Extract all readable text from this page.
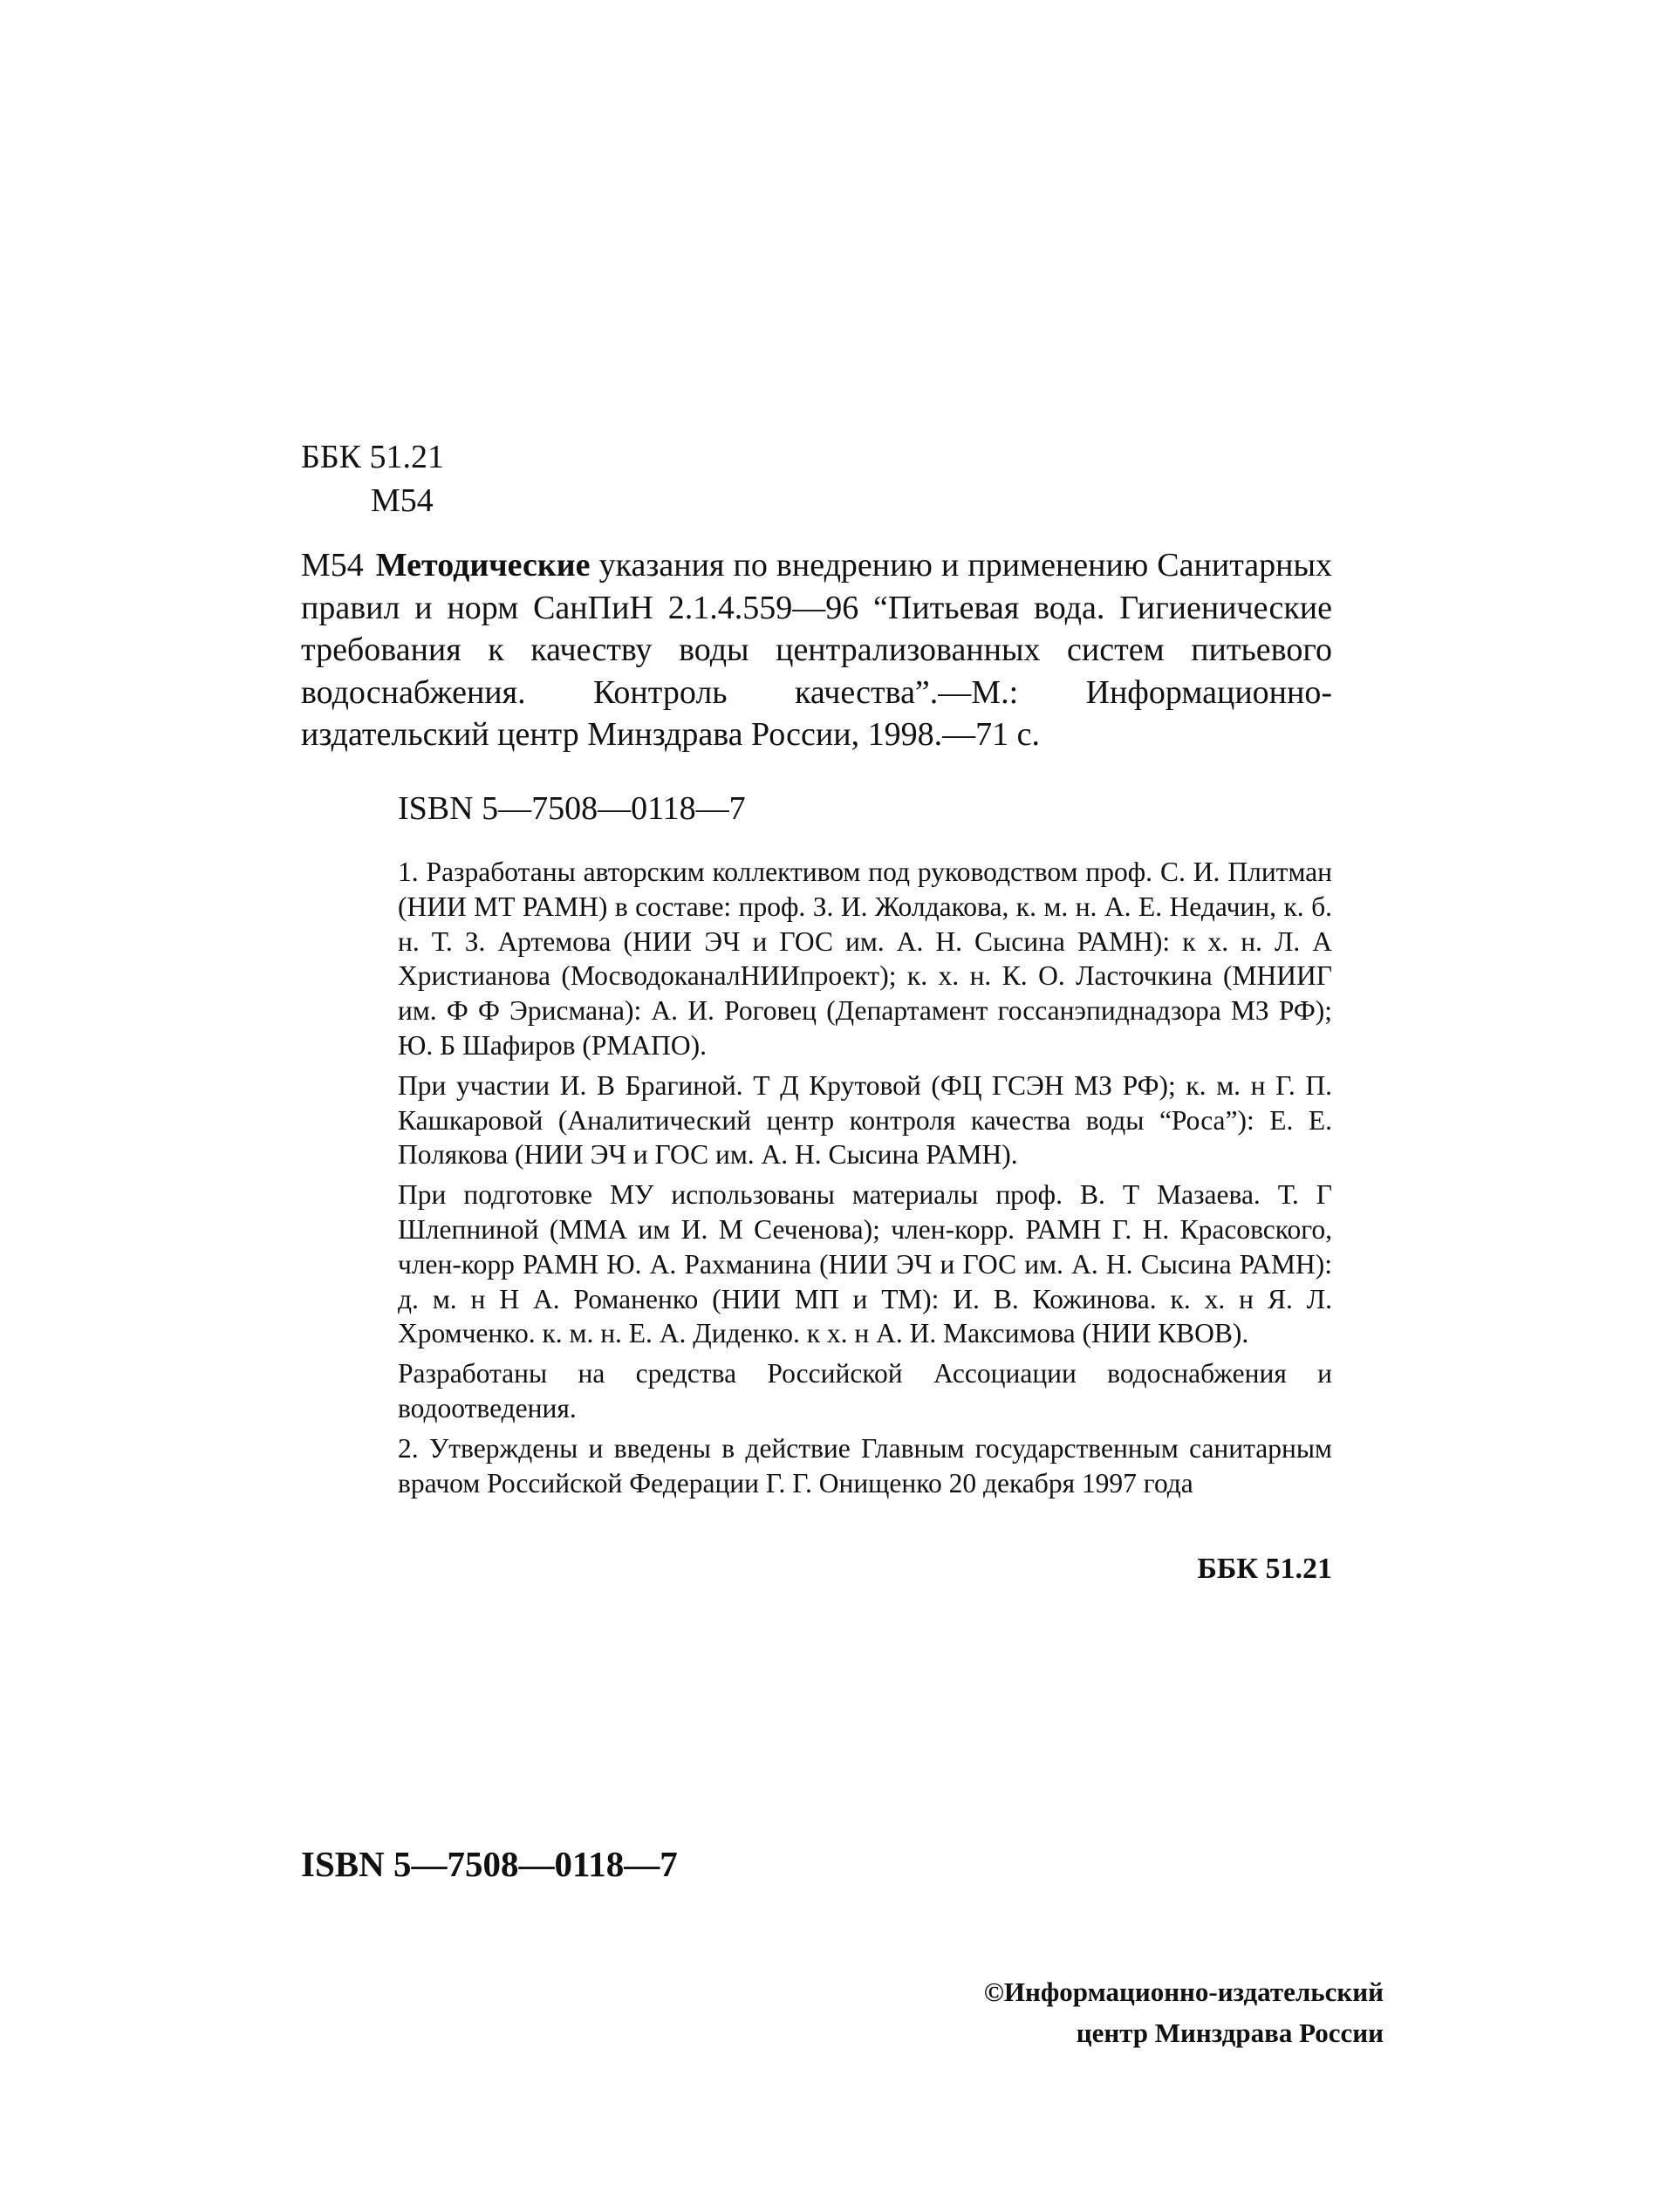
ББК 51.21
М54
М54 Методические указания по внедрению и применению Санитарных правил и норм СанПиН 2.1.4.559—96 “Питьевая вода. Гигиенические требования к качеству воды централизованных систем питьевого водоснабжения. Контроль качества”.—М.: Информационно-издательский центр Минздрава России, 1998.—71 с.
ISBN 5—7508—0118—7

1. Разработаны авторским коллективом под руководством проф. С. И. Плитман (НИИ МТ РАМН) в составе: проф. З. И. Жолдакова, к. м. н. А. Е. Недачин, к. б. н. Т. З. Артемова (НИИ ЭЧ и ГОС им. А. Н. Сысина РАМН): к х. н. Л. А Христианова (МосводоканалНИИпроект); к. х. н. К. О. Ласточкина (МНИИГ им. Ф Ф Эрисмана): А. И. Роговец (Департамент госсанэпиднадзора МЗ РФ); Ю. Б Шафиров (РМАПО).

При участии И. В Брагиной. Т Д Крутовой (ФЦ ГСЭН МЗ РФ); к. м. н Г. П. Кашкаровой (Аналитический центр контроля качества воды “Роса”): Е. Е. Полякова (НИИ ЭЧ и ГОС им. А. Н. Сысина РАМН).

При подготовке МУ использованы материалы проф. В. Т Мазаева. Т. Г Шлепниной (ММА им И. М Сеченова); член-корр. РАМН Г. Н. Красовского, член-корр РАМН Ю. А. Рахманина (НИИ ЭЧ и ГОС им. А. Н. Сысина РАМН): д. м. н Н А. Романенко (НИИ МП и ТМ): И. В. Кожинова. к. х. н Я. Л. Хромченко. к. м. н. Е. А. Диденко. к х. н А. И. Максимова (НИИ КВОВ).

Разработаны на средства Российской Ассоциации водоснабжения и водоотведения.

2. Утверждены и введены в действие Главным государственным санитарным врачом Российской Федерации Г. Г. Онищенко 20 декабря 1997 года

ББК 51.21
ISBN 5—7508—0118—7
©Информационно-издательский
центр Минздрава России
